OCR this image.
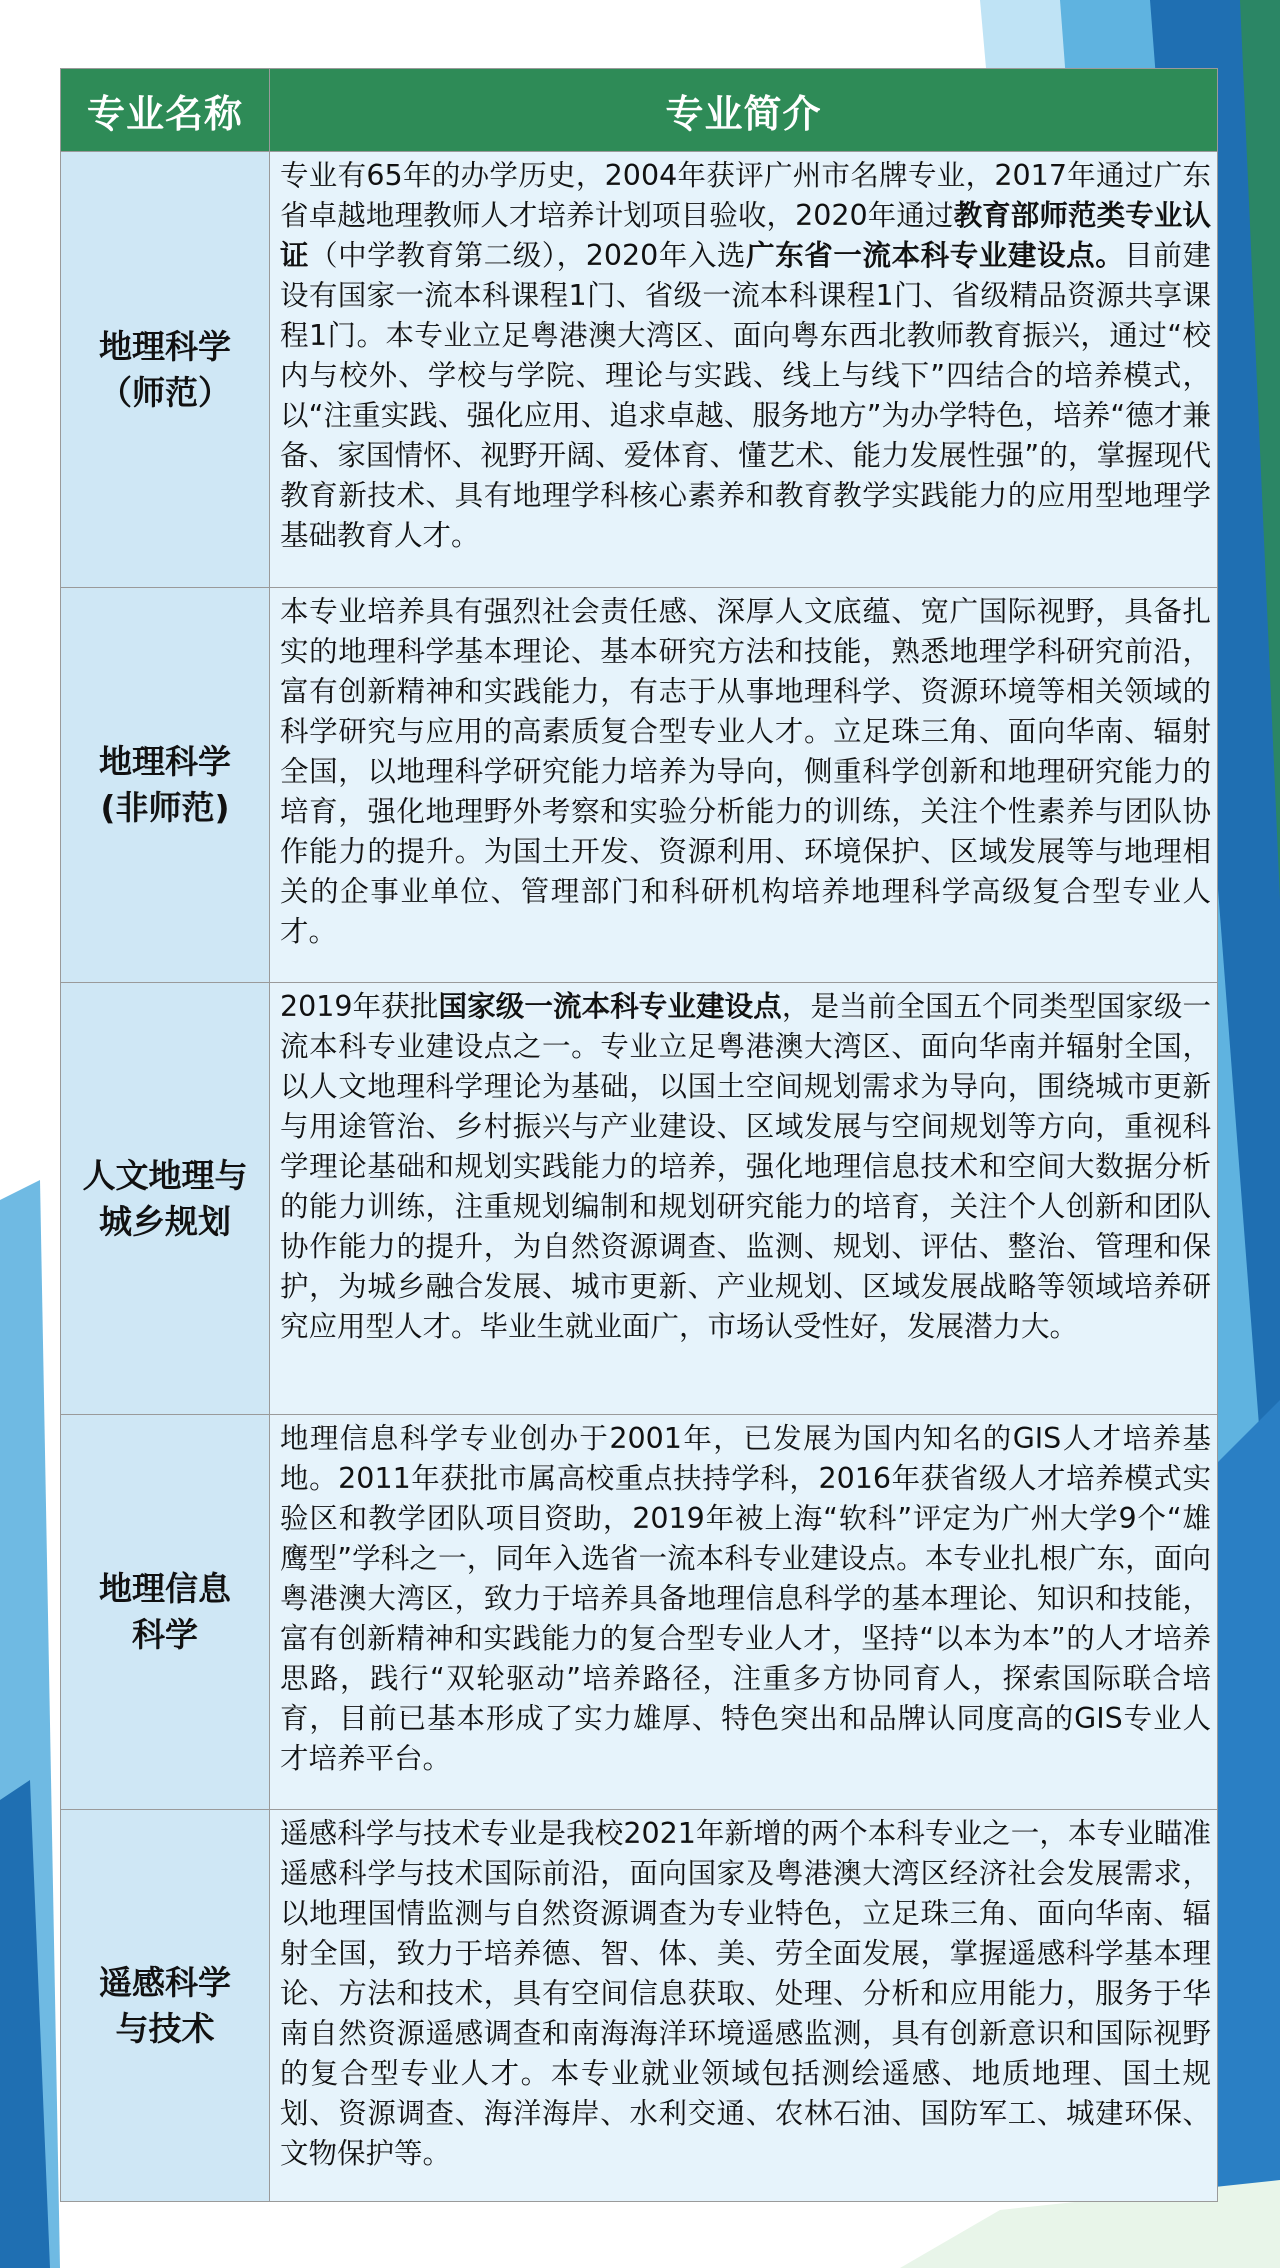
专业名称	专业简介
地理科学
（师范）	专业有65年的办学历史，2004年获评广州市名牌专业，2017年通过广东省卓越地理教师人才培养计划项目验收，2020年通过教育部师范类专业认证（中学教育第二级），2020年入选广东省一流本科专业建设点。目前建设有国家一流本科课程1门、省级一流本科课程1门、省级精品资源共享课程1门。本专业立足粤港澳大湾区、面向粤东西北教师教育振兴，通过“校内与校外、学校与学院、理论与实践、线上与线下”四结合的培养模式，以“注重实践、强化应用、追求卓越、服务地方”为办学特色，培养“德才兼备、家国情怀、视野开阔、爱体育、懂艺术、能力发展性强”的，掌握现代教育新技术、具有地理学科核心素养和教育教学实践能力的应用型地理学基础教育人才。
地理科学
(非师范)	本专业培养具有强烈社会责任感、深厚人文底蕴、宽广国际视野，具备扎实的地理科学基本理论、基本研究方法和技能，熟悉地理学科研究前沿，富有创新精神和实践能力，有志于从事地理科学、资源环境等相关领域的科学研究与应用的高素质复合型专业人才。立足珠三角、面向华南、辐射全国，以地理科学研究能力培养为导向，侧重科学创新和地理研究能力的培育，强化地理野外考察和实验分析能力的训练，关注个性素养与团队协作能力的提升。为国土开发、资源利用、环境保护、区域发展等与地理相关的企事业单位、管理部门和科研机构培养地理科学高级复合型专业人才。
人文地理与
城乡规划	2019年获批国家级一流本科专业建设点，是当前全国五个同类型国家级一流本科专业建设点之一。专业立足粤港澳大湾区、面向华南并辐射全国，以人文地理科学理论为基础，以国土空间规划需求为导向，围绕城市更新与用途管治、乡村振兴与产业建设、区域发展与空间规划等方向，重视科学理论基础和规划实践能力的培养，强化地理信息技术和空间大数据分析的能力训练，注重规划编制和规划研究能力的培育，关注个人创新和团队协作能力的提升，为自然资源调查、监测、规划、评估、整治、管理和保护，为城乡融合发展、城市更新、产业规划、区域发展战略等领域培养研究应用型人才。毕业生就业面广，市场认受性好，发展潜力大。
地理信息
科学	地理信息科学专业创办于2001年，已发展为国内知名的GIS人才培养基地。2011年获批市属高校重点扶持学科，2016年获省级人才培养模式实验区和教学团队项目资助，2019年被上海“软科”评定为广州大学9个“雄鹰型”学科之一，同年入选省一流本科专业建设点。本专业扎根广东，面向粤港澳大湾区，致力于培养具备地理信息科学的基本理论、知识和技能，富有创新精神和实践能力的复合型专业人才，坚持“以本为本”的人才培养思路，践行“双轮驱动”培养路径，注重多方协同育人，探索国际联合培育，目前已基本形成了实力雄厚、特色突出和品牌认同度高的GIS专业人才培养平台。
遥感科学
与技术	遥感科学与技术专业是我校2021年新增的两个本科专业之一，本专业瞄准遥感科学与技术国际前沿，面向国家及粤港澳大湾区经济社会发展需求，以地理国情监测与自然资源调查为专业特色，立足珠三角、面向华南、辐射全国，致力于培养德、智、体、美、劳全面发展，掌握遥感科学基本理论、方法和技术，具有空间信息获取、处理、分析和应用能力，服务于华南自然资源遥感调查和南海海洋环境遥感监测，具有创新意识和国际视野的复合型专业人才。本专业就业领域包括测绘遥感、地质地理、国土规划、资源调查、海洋海岸、水利交通、农林石油、国防军工、城建环保、文物保护等。
